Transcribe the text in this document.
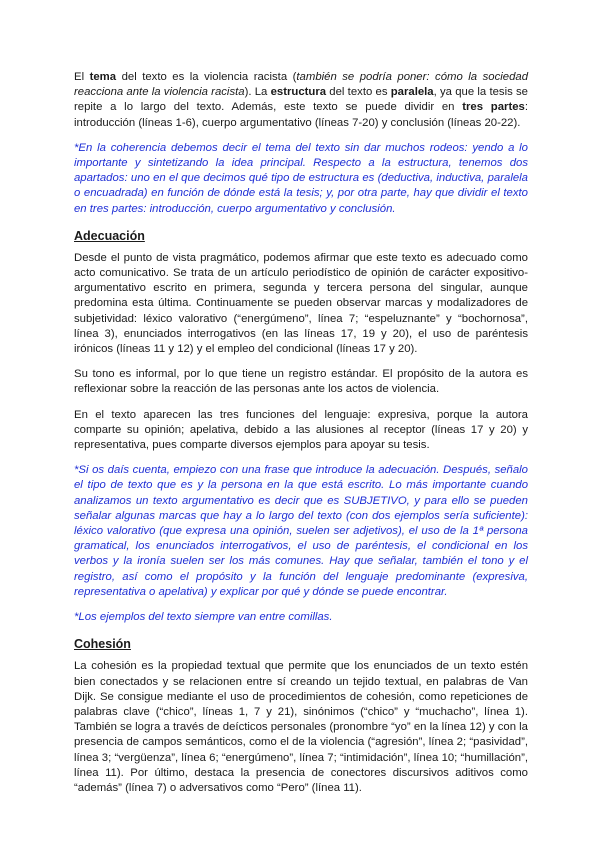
El tema del texto es la violencia racista (también se podría poner: cómo la sociedad reacciona ante la violencia racista). La estructura del texto es paralela, ya que la tesis se repite a lo largo del texto. Además, este texto se puede dividir en tres partes: introducción (líneas 1-6), cuerpo argumentativo (líneas 7-20) y conclusión (líneas 20-22).

*En la coherencia debemos decir el tema del texto sin dar muchos rodeos: yendo a lo importante y sintetizando la idea principal. Respecto a la estructura, tenemos dos apartados: uno en el que decimos qué tipo de estructura es (deductiva, inductiva, paralela o encuadrada) en función de dónde está la tesis; y, por otra parte, hay que dividir el texto en tres partes: introducción, cuerpo argumentativo y conclusión.

Adecuación

Desde el punto de vista pragmático, podemos afirmar que este texto es adecuado como acto comunicativo. Se trata de un artículo periodístico de opinión de carácter expositivo-argumentativo escrito en primera, segunda y tercera persona del singular, aunque predomina esta última. Continuamente se pueden observar marcas y modalizadores de subjetividad: léxico valorativo (“energúmeno”, línea 7; “espeluznante” y “bochornosa”, línea 3), enunciados interrogativos (en las líneas 17, 19 y 20), el uso de paréntesis irónicos (líneas 11 y 12) y el empleo del condicional (líneas 17 y 20).

Su tono es informal, por lo que tiene un registro estándar. El propósito de la autora es reflexionar sobre la reacción de las personas ante los actos de violencia.

En el texto aparecen las tres funciones del lenguaje: expresiva, porque la autora comparte su opinión; apelativa, debido a las alusiones al receptor (líneas 17 y 20) y representativa, pues comparte diversos ejemplos para apoyar su tesis.

*Si os daís cuenta, empiezo con una frase que introduce la adecuación. Después, señalo el tipo de texto que es y la persona en la que está escrito. Lo más importante cuando analizamos un texto argumentativo es decir que es SUBJETIVO, y para ello se pueden señalar algunas marcas que hay a lo largo del texto (con dos ejemplos sería suficiente): léxico valorativo (que expresa una opinión, suelen ser adjetivos), el uso de la 1ª persona gramatical, los enunciados interrogativos, el uso de paréntesis, el condicional en los verbos y la ironía suelen ser los más comunes. Hay que señalar, también el tono y el registro, así como el propósito y la función del lenguaje predominante (expresiva, representativa o apelativa) y explicar por qué y dónde se puede encontrar.

*Los ejemplos del texto siempre van entre comillas.

Cohesión

La cohesión es la propiedad textual que permite que los enunciados de un texto estén bien conectados y se relacionen entre sí creando un tejido textual, en palabras de Van Dijk. Se consigue mediante el uso de procedimientos de cohesión, como repeticiones de palabras clave (“chico”, líneas 1, 7 y 21), sinónimos (“chico” y “muchacho”, línea 1). También se logra a través de deícticos personales (pronombre “yo” en la línea 12) y con la presencia de campos semánticos, como el de la violencia (“agresión”, línea 2; “pasividad”, línea 3; “vergüenza”, línea 6; “energúmeno”, línea 7; “intimidación”, línea 10; “humillación”, línea 11). Por último, destaca la presencia de conectores discursivos aditivos como “además” (línea 7) o adversativos como “Pero” (línea 11).
